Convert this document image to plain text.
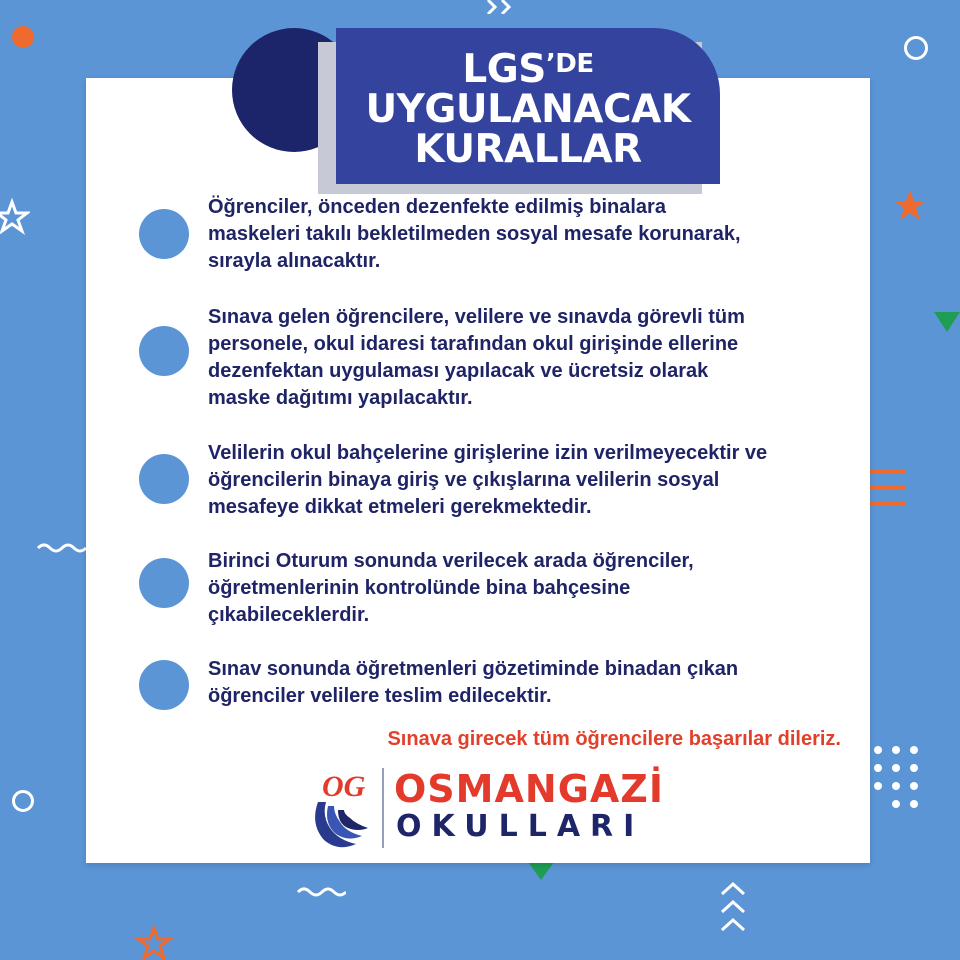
Öğrenciler, önceden dezenfekte edilmiş binalara
maskeleri takılı bekletilmeden sosyal mesafe korunarak,
sırayla alınacaktır.
Sınava gelen öğrencilere, velilere ve sınavda görevli tüm
personele, okul idaresi tarafından okul girişinde ellerine
dezenfektan uygulaması yapılacak ve ücretsiz olarak
maske dağıtımı yapılacaktır.
Velilerin okul bahçelerine girişlerine izin verilmeyecektir ve
öğrencilerin binaya giriş ve çıkışlarına velilerin sosyal
mesafeye dikkat etmeleri gerekmektedir.
Birinci Oturum sonunda verilecek arada öğrenciler,
öğretmenlerinin kontrolünde bina bahçesine
çıkabileceklerdir.
Sınav sonunda öğretmenleri gözetiminde binadan çıkan
öğrenciler velilere teslim edilecektir.
Sınava girecek tüm öğrencilere başarılar dileriz.
OG OSMANGAZİ
OKULLARI
$LGS^{’DE}$
UYGULANACAK
KURALLAR
